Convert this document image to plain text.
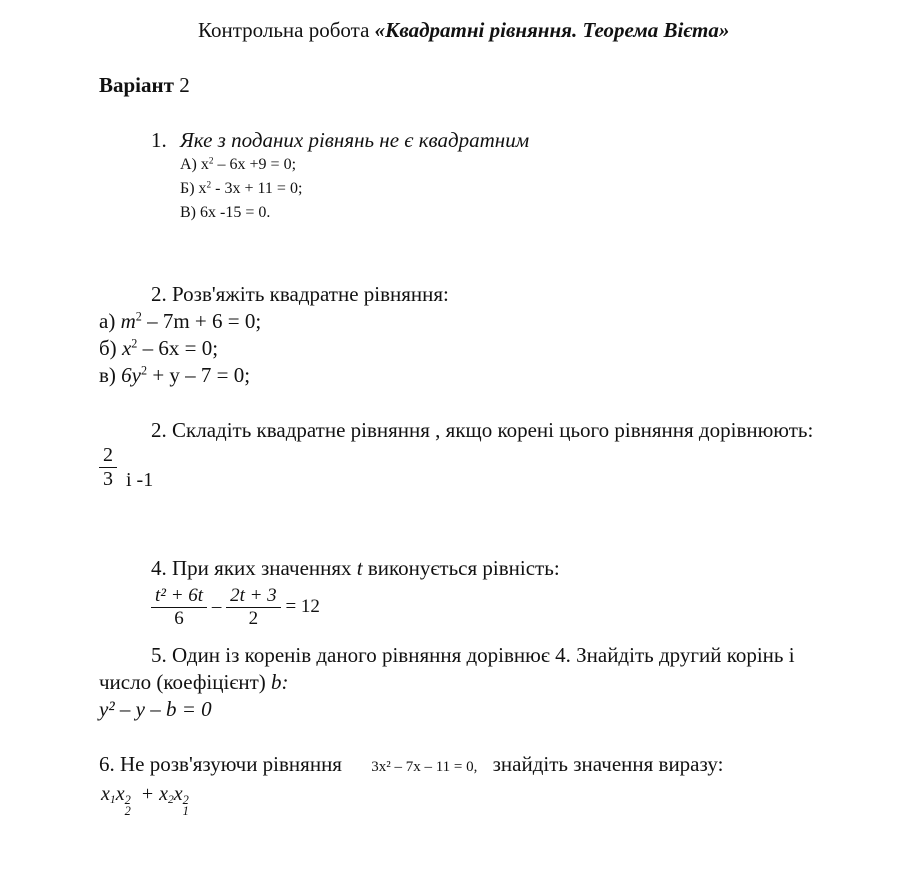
Контрольна робота «Квадратні рівняння. Теорема Вієта»
Варіант 2
1. Яке з поданих рівнянь не є квадратним
А) $x^2 - 6x +9 = 0$;
Б) $x^2 - 3x + 11 = 0$;
В) 6x -15 = 0.
2. Розв'яжіть квадратне рівняння:
а) $m^2 - 7m + 6 = 0$;
б) $x^2 - 6x = 0$;
в) $6y^2 + y - 7 = 0$;
2. Складіть квадратне рівняння , якщо корені цього рівняння дорівнюють:
$\frac{2}{3}$ і -1
4. При яких значеннях t виконується рівність:
$\frac{\text{t² + 6t}}{6} - \frac{2t + 3}{2} = 12$
5. Один із коренів даного рівняння дорівнює 4. Знайдіть другий корінь і
число (коефіцієнт) b:
y² – y – b = 0
6. Не розв'язуючи рівняння 3x² – 7x – 11 = 0, знайдіть значення виразу:
$x_1x$ 2
2
+ $x_2x$ 2
1
